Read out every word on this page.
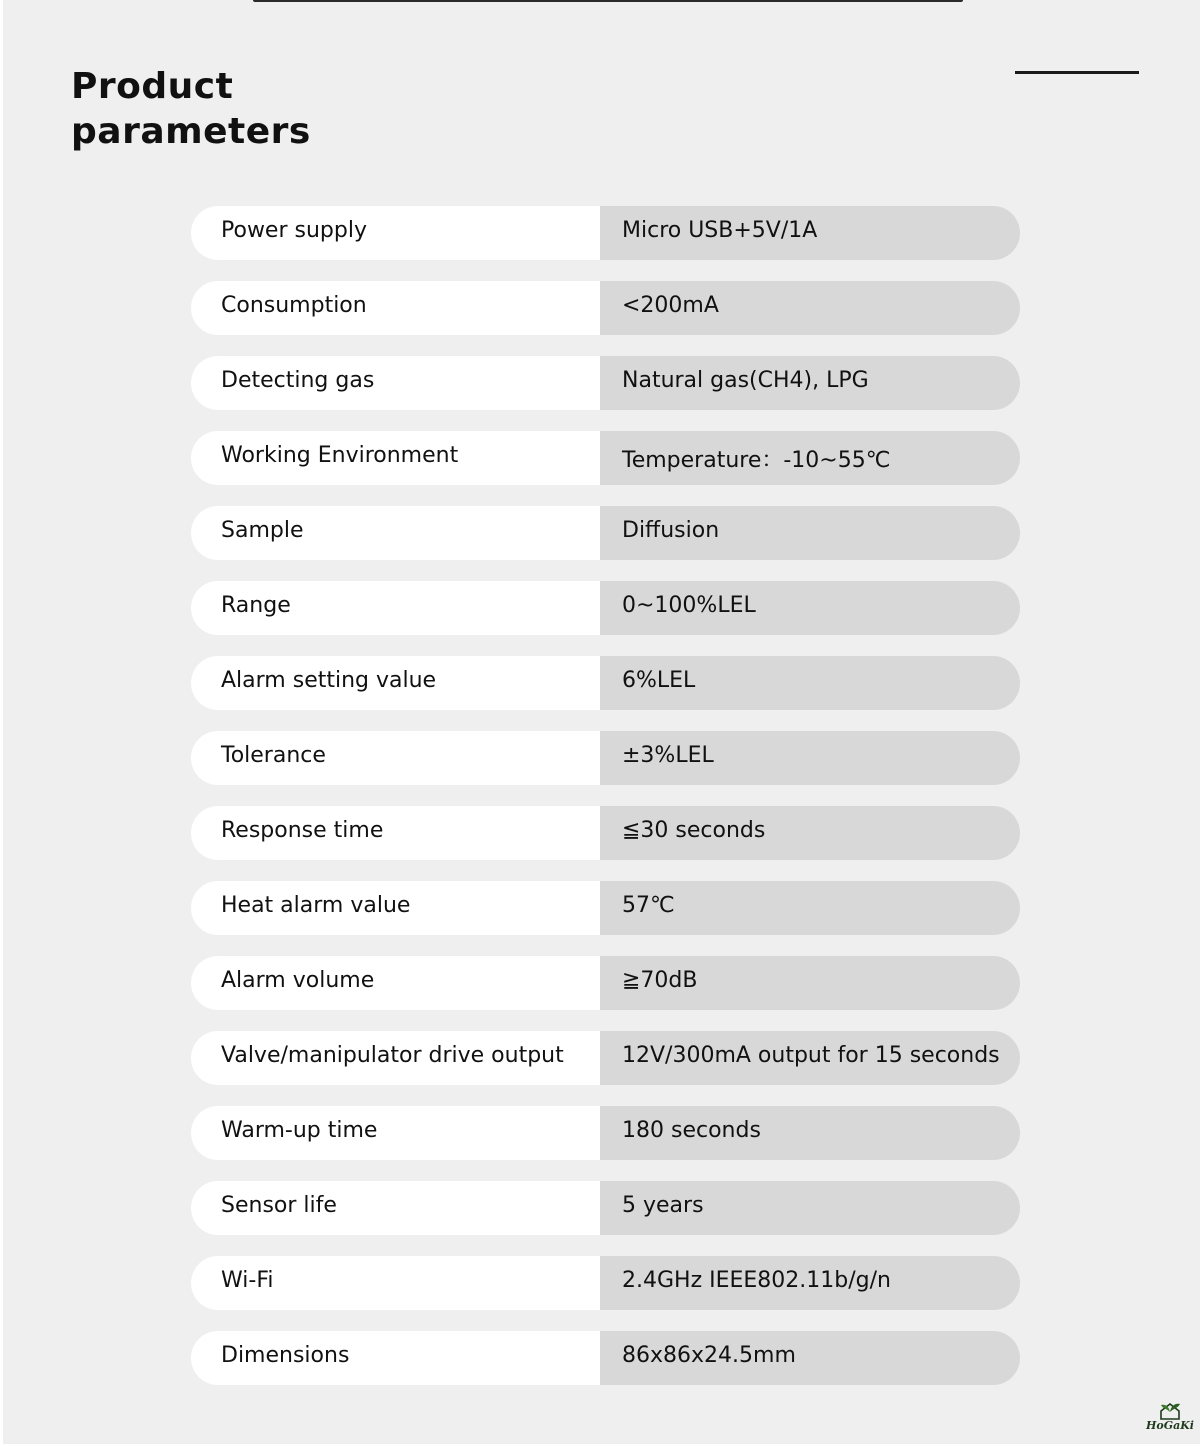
Product
parameters
Power supply	Micro USB+5V/1A
Consumption	<200mA
Detecting gas	Natural gas(CH4), LPG
Working Environment	Temperature：-10~55℃
Sample	Diffusion
Range	0~100%LEL
Alarm setting value	6%LEL
Tolerance	±3%LEL
Response time	≦30 seconds
Heat alarm value	57℃
Alarm volume	≧70dB
Valve/manipulator drive output	12V/300mA output for 15 seconds
Warm-up time	180 seconds
Sensor life	5 years
Wi-Fi	2.4GHz IEEE802.11b/g/n
Dimensions	86x86x24.5mm
HoGaKi
